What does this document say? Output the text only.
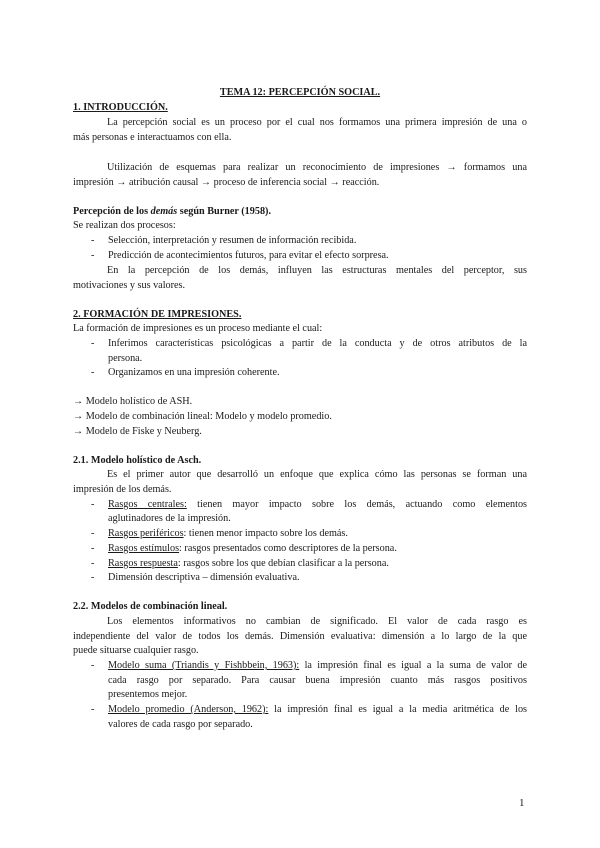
TEMA 12: PERCEPCIÓN SOCIAL.
1. INTRODUCCIÓN.
La percepción social es un proceso por el cual nos formamos una primera impresión de una o
más personas e interactuamos con ella.
Utilización de esquemas para realizar un reconocimiento de impresiones → formamos una
impresión → atribución causal → proceso de inferencia social → reacción.
Percepción de los demás según Burner (1958).
Se realizan dos procesos:
- Selección, interpretación y resumen de información recibida.
- Predicción de acontecimientos futuros, para evitar el efecto sorpresa.
En la percepción de los demás, influyen las estructuras mentales del perceptor, sus
motivaciones y sus valores.
2. FORMACIÓN DE IMPRESIONES.
La formación de impresiones es un proceso mediante el cual:
- Inferimos características psicológicas a partir de la conducta y de otros atributos de la
persona.
- Organizamos en una impresión coherente.
→ Modelo holístico de ASH.
→ Modelo de combinación lineal: Modelo y modelo promedio.
→ Modelo de Fiske y Neuberg.
2.1. Modelo holístico de Asch.
Es el primer autor que desarrolló un enfoque que explica cómo las personas se forman una
impresión de los demás.
- Rasgos centrales: tienen mayor impacto sobre los demás, actuando como elementos
aglutinadores de la impresión.
- Rasgos periféricos: tienen menor impacto sobre los demás.
- Rasgos estímulos: rasgos presentados como descriptores de la persona.
- Rasgos respuesta: rasgos sobre los que debían clasificar a la persona.
- Dimensión descriptiva – dimensión evaluativa.
2.2. Modelos de combinación lineal.
Los elementos informativos no cambian de significado. El valor de cada rasgo es
independiente del valor de todos los demás. Dimensión evaluativa: dimensión a lo largo de la que
puede situarse cualquier rasgo.
- Modelo suma (Triandis y Fishbbein, 1963): la impresión final es igual a la suma de valor de
cada rasgo por separado. Para causar buena impresión cuanto más rasgos positivos
presentemos mejor.
- Modelo promedio (Anderson, 1962): la impresión final es igual a la media aritmética de los
valores de cada rasgo por separado.
1
